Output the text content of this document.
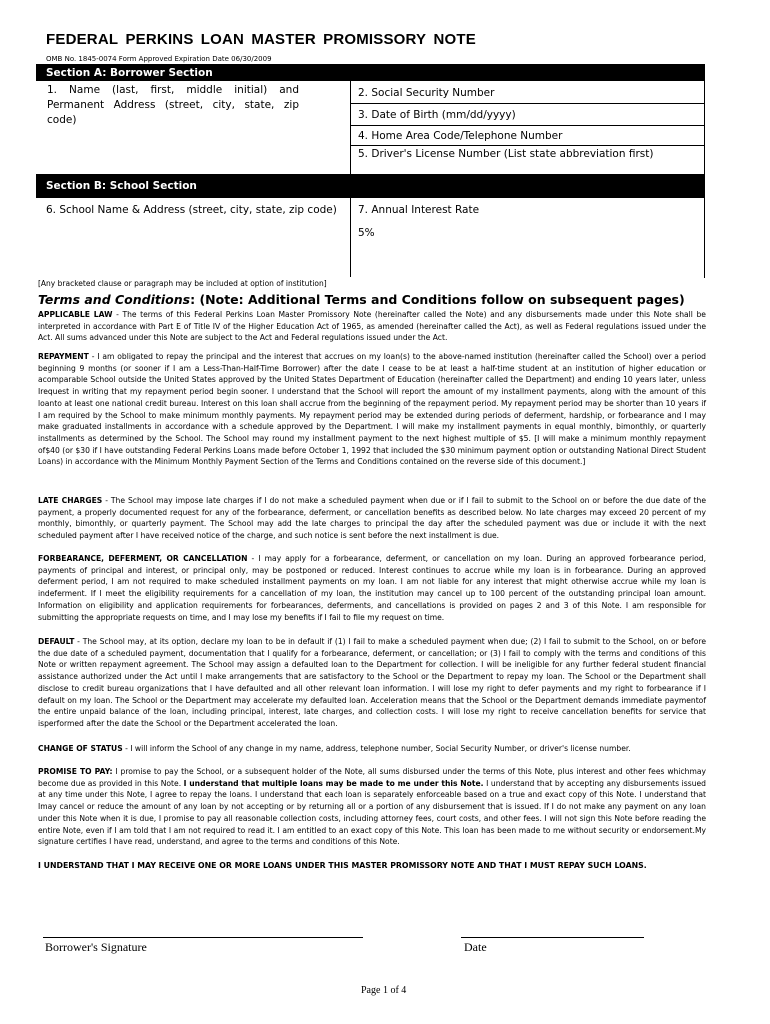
FEDERAL PERKINS LOAN MASTER PROMISSORY NOTE
OMB No. 1845-0074 Form Approved Expiration Date 06/30/2009
Section A: Borrower Section
1. Name (last, first, middle initial) and Permanent Address (street, city, state, zip code)
2. Social Security Number
3. Date of Birth (mm/dd/yyyy)
4. Home Area Code/Telephone Number
5. Driver's License Number (List state abbreviation first)
Section B: School Section
6. School Name & Address (street, city, state, zip code) 7. Annual Interest Rate
5%
[Any bracketed clause or paragraph may be included at option of institution]
Terms and Conditions: (Note: Additional Terms and Conditions follow on subsequent pages)
APPLICABLE LAW - The terms of this Federal Perkins Loan Master Promissory Note (hereinafter called the Note) and any disbursements made under this Note shall be interpreted in accordance with Part E of Title IV of the Higher Education Act of 1965, as amended (hereinafter called the Act), as well as Federal regulations issued under the Act. All sums advanced under this Note are subject to the Act and Federal regulations issued under the Act.
REPAYMENT - I am obligated to repay the principal and the interest that accrues on my loan(s) to the above-named institution (hereinafter called the School) over a period beginning 9 months (or sooner if I am a Less-Than-Half-Time Borrower) after the date I cease to be at least a half-time student at an institution of higher education or acomparable School outside the United States approved by the United States Department of Education (hereinafter called the Department) and ending 10 years later, unless Irequest in writing that my repayment period begin sooner. I understand that the School will report the amount of my installment payments, along with the amount of this loanto at least one national credit bureau. Interest on this loan shall accrue from the beginning of the repayment period. My repayment period may be shorter than 10 years if I am required by the School to make minimum monthly payments. My repayment period may be extended during periods of deferment, hardship, or forbearance and I may make graduated installments in accordance with a schedule approved by the Department. I will make my installment payments in equal monthly, bimonthly, or quarterly installments as determined by the School. The School may round my installment payment to the next highest multiple of $5. [I will make a minimum monthly repayment of$40 (or $30 if I have outstanding Federal Perkins Loans made before October 1, 1992 that included the $30 minimum payment option or outstanding National Direct Student Loans) in accordance with the Minimum Monthly Payment Section of the Terms and Conditions contained on the reverse side of this document.]
LATE CHARGES - The School may impose late charges if I do not make a scheduled payment when due or if I fail to submit to the School on or before the due date of the payment, a properly documented request for any of the forbearance, deferment, or cancellation benefits as described below. No late charges may exceed 20 percent of my monthly, bimonthly, or quarterly payment. The School may add the late charges to principal the day after the scheduled payment was due or include it with the next scheduled payment after I have received notice of the charge, and such notice is sent before the next installment is due.
FORBEARANCE, DEFERMENT, OR CANCELLATION - I may apply for a forbearance, deferment, or cancellation on my loan. During an approved forbearance period, payments of principal and interest, or principal only, may be postponed or reduced. Interest continues to accrue while my loan is in forbearance. During an approved deferment period, I am not required to make scheduled installment payments on my loan. I am not liable for any interest that might otherwise accrue while my loan is indeferment. If I meet the eligibility requirements for a cancellation of my loan, the institution may cancel up to 100 percent of the outstanding principal loan amount. Information on eligibility and application requirements for forbearances, deferments, and cancellations is provided on pages 2 and 3 of this Note. I am responsible for submitting the appropriate requests on time, and I may lose my benefits if I fail to file my request on time.
DEFAULT - The School may, at its option, declare my loan to be in default if (1) I fail to make a scheduled payment when due; (2) I fail to submit to the School, on or before the due date of a scheduled payment, documentation that I qualify for a forbearance, deferment, or cancellation; or (3) I fail to comply with the terms and conditions of this Note or written repayment agreement. The School may assign a defaulted loan to the Department for collection. I will be ineligible for any further federal student financial assistance authorized under the Act until I make arrangements that are satisfactory to the School or the Department to repay my loan. The School or the Department shall disclose to credit bureau organizations that I have defaulted and all other relevant loan information. I will lose my right to defer payments and my right to forbearance if I default on my loan. The School or the Department may accelerate my defaulted loan. Acceleration means that the School or the Department demands immediate paymentof the entire unpaid balance of the loan, including principal, interest, late charges, and collection costs. I will lose my right to receive cancellation benefits for service that isperformed after the date the School or the Department accelerated the loan.
CHANGE OF STATUS - I will inform the School of any change in my name, address, telephone number, Social Security Number, or driver's license number.
PROMISE TO PAY: I promise to pay the School, or a subsequent holder of the Note, all sums disbursed under the terms of this Note, plus interest and other fees whichmay become due as provided in this Note. I understand that multiple loans may be made to me under this Note. I understand that by accepting any disbursements issued at any time under this Note, I agree to repay the loans. I understand that each loan is separately enforceable based on a true and exact copy of this Note. I understand that Imay cancel or reduce the amount of any loan by not accepting or by returning all or a portion of any disbursement that is issued. If I do not make any payment on any loan under this Note when it is due, I promise to pay all reasonable collection costs, including attorney fees, court costs, and other fees. I will not sign this Note before reading the entire Note, even if I am told that I am not required to read it. I am entitled to an exact copy of this Note. This loan has been made to me without security or endorsement.My signature certifies I have read, understand, and agree to the terms and conditions of this Note.
I UNDERSTAND THAT I MAY RECEIVE ONE OR MORE LOANS UNDER THIS MASTER PROMISSORY NOTE AND THAT I MUST REPAY SUCH LOANS.
Borrower's Signature	Date
Page 1 of 4
